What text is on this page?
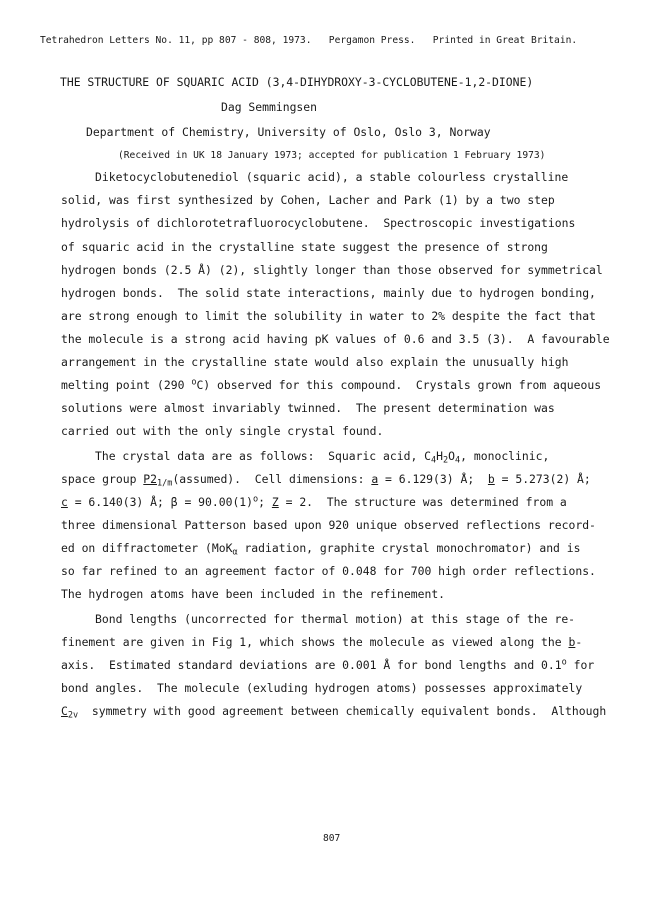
Tetrahedron Letters No. 11, pp 807 - 808, 1973.   Pergamon Press.   Printed in Great Britain.
THE STRUCTURE OF SQUARIC ACID (3,4-DIHYDROXY-3-CYCLOBUTENE-1,2-DIONE)
Dag Semmingsen
Department of Chemistry, University of Oslo, Oslo 3, Norway
(Received in UK 18 January 1973; accepted for publication 1 February 1973)
Diketocyclobutenediol (squaric acid), a stable colourless crystalline
solid, was first synthesized by Cohen, Lacher and Park (1) by a two step
hydrolysis of dichlorotetrafluorocyclobutene.  Spectroscopic investigations
of squaric acid in the crystalline state suggest the presence of strong
hydrogen bonds (2.5 Å) (2), slightly longer than those observed for symmetrical
hydrogen bonds.  The solid state interactions, mainly due to hydrogen bonding,
are strong enough to limit the solubility in water to 2% despite the fact that
the molecule is a strong acid having pK values of 0.6 and 3.5 (3).  A favourable
arrangement in the crystalline state would also explain the unusually high
melting point (290 $^o$C) observed for this compound.  Crystals grown from aqueous
solutions were almost invariably twinned.  The present determination was
carried out with the only single crystal found.
The crystal data are as follows:  Squaric acid, $C_4H_2O_4$, monoclinic,
space group $P2_{1/m}(assumed)$.  Cell dimensions: a = 6.129(3) Å;  b = 5.273(2) Å;
c = 6.140(3) Å; $\beta = 90.00(1)^o$; Z = 2.  The structure was determined from a
three dimensional Patterson based upon 920 unique observed reflections record-
ed on diffractometer (MoK$_\alpha$ radiation, graphite crystal monochromator) and is
so far refined to an agreement factor of 0.048 for 700 high order reflections.
The hydrogen atoms have been included in the refinement.
Bond lengths (uncorrected for thermal motion) at this stage of the re-
finement are given in Fig 1, which shows the molecule as viewed along the b-
axis.  Estimated standard deviations are 0.001 Å for bond lengths and 0.1$^o$ for
bond angles.  The molecule (exluding hydrogen atoms) possesses approximately
$C_{2v}$  symmetry with good agreement between chemically equivalent bonds.  Although
807
